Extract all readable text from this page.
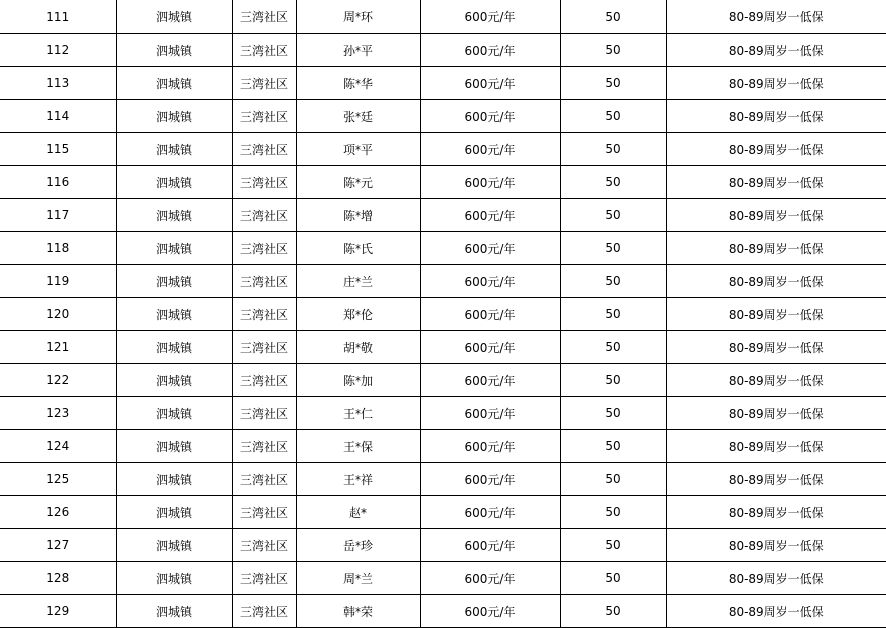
111	泗城镇	三湾社区	周*环	600元/年	50	80-89周岁一低保
112	泗城镇	三湾社区	孙*平	600元/年	50	80-89周岁一低保
113	泗城镇	三湾社区	陈*华	600元/年	50	80-89周岁一低保
114	泗城镇	三湾社区	张*廷	600元/年	50	80-89周岁一低保
115	泗城镇	三湾社区	项*平	600元/年	50	80-89周岁一低保
116	泗城镇	三湾社区	陈*元	600元/年	50	80-89周岁一低保
117	泗城镇	三湾社区	陈*增	600元/年	50	80-89周岁一低保
118	泗城镇	三湾社区	陈*氏	600元/年	50	80-89周岁一低保
119	泗城镇	三湾社区	庄*兰	600元/年	50	80-89周岁一低保
120	泗城镇	三湾社区	郑*伦	600元/年	50	80-89周岁一低保
121	泗城镇	三湾社区	胡*敬	600元/年	50	80-89周岁一低保
122	泗城镇	三湾社区	陈*加	600元/年	50	80-89周岁一低保
123	泗城镇	三湾社区	王*仁	600元/年	50	80-89周岁一低保
124	泗城镇	三湾社区	王*保	600元/年	50	80-89周岁一低保
125	泗城镇	三湾社区	王*祥	600元/年	50	80-89周岁一低保
126	泗城镇	三湾社区	赵*	600元/年	50	80-89周岁一低保
127	泗城镇	三湾社区	岳*珍	600元/年	50	80-89周岁一低保
128	泗城镇	三湾社区	周*兰	600元/年	50	80-89周岁一低保
129	泗城镇	三湾社区	韩*荣	600元/年	50	80-89周岁一低保
